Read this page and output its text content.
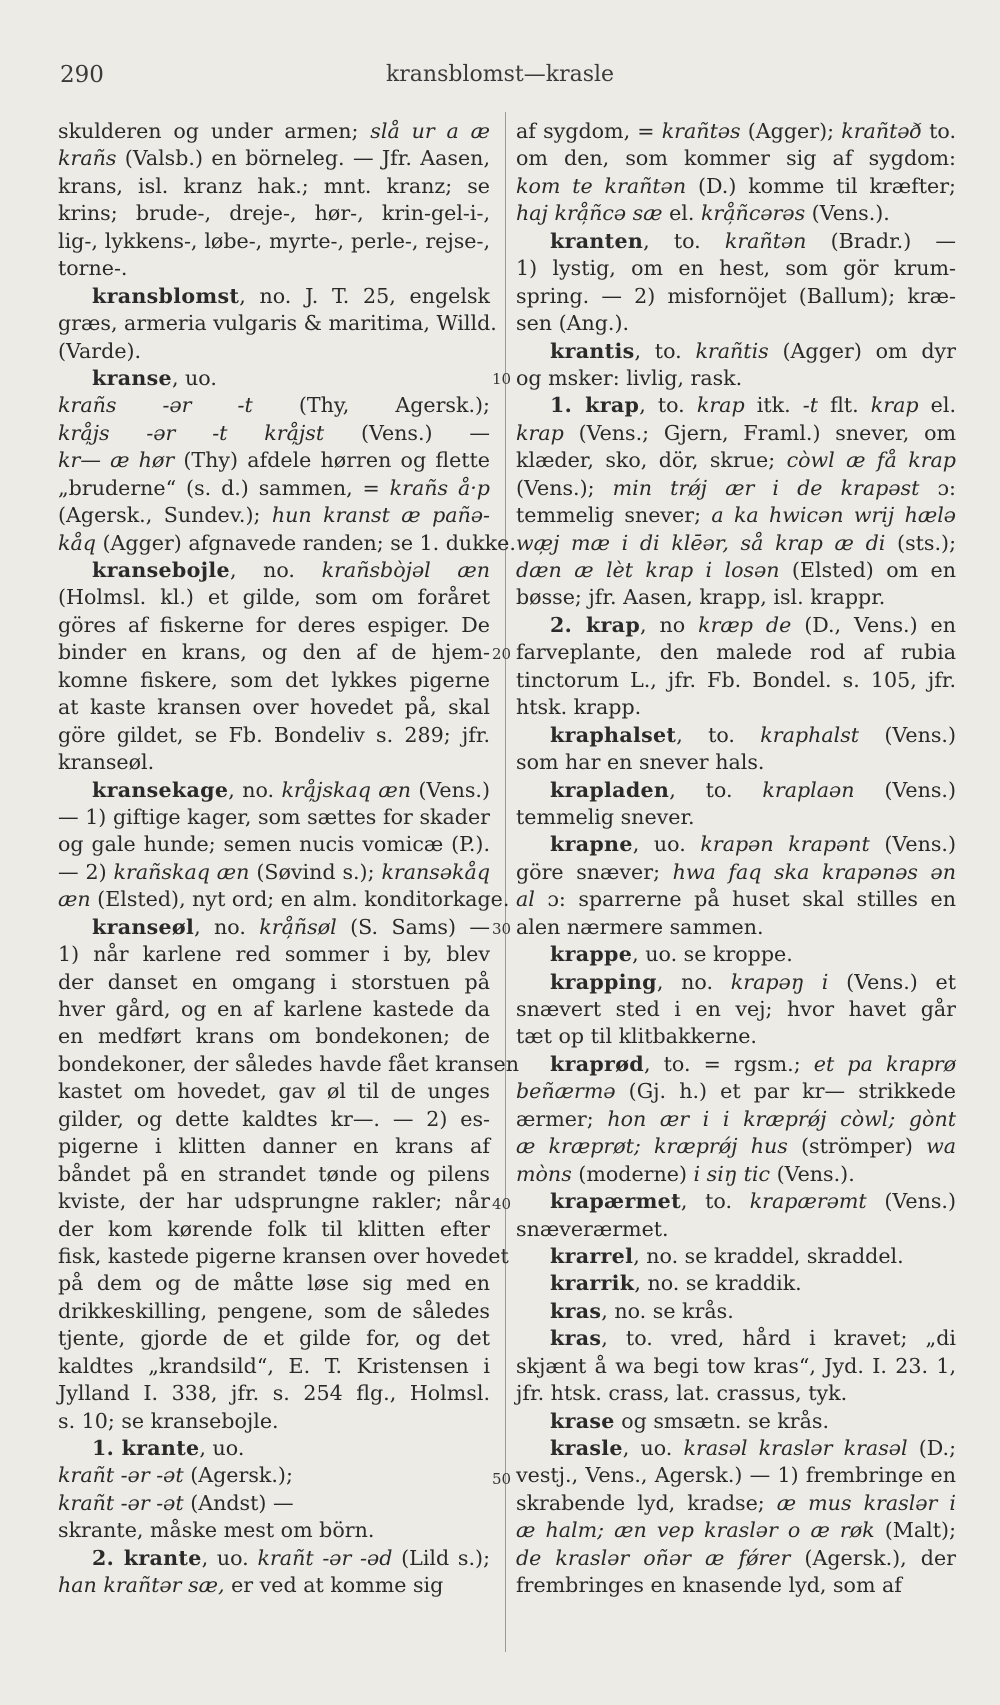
290	kransblomst—krasle
10
20
30
40
50
skulderen og under armen; slå ur a æ
krañs (Valsb.) en börneleg. — Jfr. Aasen,
krans, isl. kranz hak.; mnt. kranz; se
krins; brude-, dreje-, hør-, krin-gel-i-,
lig-, lykkens-, løbe-, myrte-, perle-, rejse-,
torne-.
kransblomst, no. J. T. 25, engelsk
græs, armeria vulgaris & maritima, Willd.
(Varde).
kranse, uo.
krañs -ər -t (Thy, Agersk.);
krå̦js -ər -t krå̦jst (Vens.) —
kr— æ hør (Thy) afdele hørren og flette
„bruderne“ (s. d.) sammen, = krañs å·p
(Agersk., Sundev.); hun kranst æ pañə-
kåq (Agger) afgnavede randen; se 1. dukke.
kransebojle, no. krañsbòjəl æn
(Holmsl. kl.) et gilde, som om foråret
göres af fiskerne for deres espiger. De
binder en krans, og den af de hjem-
komne fiskere, som det lykkes pigerne
at kaste kransen over hovedet på, skal
göre gildet, se Fb. Bondeliv s. 289; jfr.
kranseøl.
kransekage, no. krå̦jskaq æn (Vens.)
— 1) giftige kager, som sættes for skader
og gale hunde; semen nucis vomicæ (P.).
— 2) krañskaq æn (Søvind s.); kransəkåq
æn (Elsted), nyt ord; en alm. konditorkage.
kranseøl, no. krå̦ñsøl (S. Sams) —
1) når karlene red sommer i by, blev
der danset en omgang i storstuen på
hver gård, og en af karlene kastede da
en medført krans om bondekonen; de
bondekoner, der således havde fået kransen
kastet om hovedet, gav øl til de unges
gilder, og dette kaldtes kr—. — 2) es-
pigerne i klitten danner en krans af
båndet på en strandet tønde og pilens
kviste, der har udsprungne rakler; når
der kom kørende folk til klitten efter
fisk, kastede pigerne kransen over hovedet
på dem og de måtte løse sig med en
drikkeskilling, pengene, som de således
tjente, gjorde de et gilde for, og det
kaldtes „krandsild“, E. T. Kristensen i
Jylland I. 338, jfr. s. 254 flg., Holmsl.
s. 10; se kransebojle.
1. krante, uo.
krañt -ər -ət (Agersk.);
krañt -ər -ət (Andst) —
skrante, måske mest om börn.
2. krante, uo. krañt -ər -əd (Lild s.);
han krañtər sæ, er ved at komme sig
af sygdom, = krañtəs (Agger); krañtəð to.
om den, som kommer sig af sygdom:
kom te krañtən (D.) komme til kræfter;
haj krå̦ñcə sæ el. krå̦ñcərəs (Vens.).
kranten, to. krañtən (Bradr.) —
1) lystig, om en hest, som gör krum-
spring. — 2) misfornöjet (Ballum); kræ-
sen (Ang.).
krantis, to. krañtis (Agger) om dyr
og msker: livlig, rask.
1. krap, to. krap itk. -t flt. krap el.
krap (Vens.; Gjern, Framl.) snever, om
klæder, sko, dör, skrue; còwl æ få krap
(Vens.); min trǿj ær i de krapəst ɔ:
temmelig snever; a ka hwicən wrij hælə
wæ̦j mæ i di klēər, så krap æ di (sts.);
dæn æ lèt krap i losən (Elsted) om en
bøsse; jfr. Aasen, krapp, isl. krappr.
2. krap, no kræp de (D., Vens.) en
farveplante, den malede rod af rubia
tinctorum L., jfr. Fb. Bondel. s. 105, jfr.
htsk. krapp.
kraphalset, to. kraphalst (Vens.)
som har en snever hals.
krapladen, to. kraplaən (Vens.)
temmelig snever.
krapne, uo. krapən krapənt (Vens.)
göre snæver; hwa faq ska krapənəs ən
al ɔ: sparrerne på huset skal stilles en
alen nærmere sammen.
krappe, uo. se kroppe.
krapping, no. krapəŋ i (Vens.) et
snævert sted i en vej; hvor havet går
tæt op til klitbakkerne.
kraprød, to. = rgsm.; et pa kraprø
beñærmə (Gj. h.) et par kr— strikkede
ærmer; hon ær i i kræprǿj còwl; gònt
æ kræprøt; kræprǿj hus (strömper) wa
mòns (moderne) i siŋ tic (Vens.).
krapærmet, to. krapærəmt (Vens.)
snæverærmet.
krarrel, no. se kraddel, skraddel.
krarrik, no. se kraddik.
kras, no. se krås.
kras, to. vred, hård i kravet; „di
skjænt å wa begi tow kras“, Jyd. I. 23. 1,
jfr. htsk. crass, lat. crassus, tyk.
krase og smsætn. se krås.
krasle, uo. krasəl kraslər krasəl (D.;
vestj., Vens., Agersk.) — 1) frembringe en
skrabende lyd, kradse; æ mus kraslər i
æ halm; æn vep kraslər o æ røk (Malt);
de kraslər oñər æ fǿrer (Agersk.), der
frembringes en knasende lyd, som af
